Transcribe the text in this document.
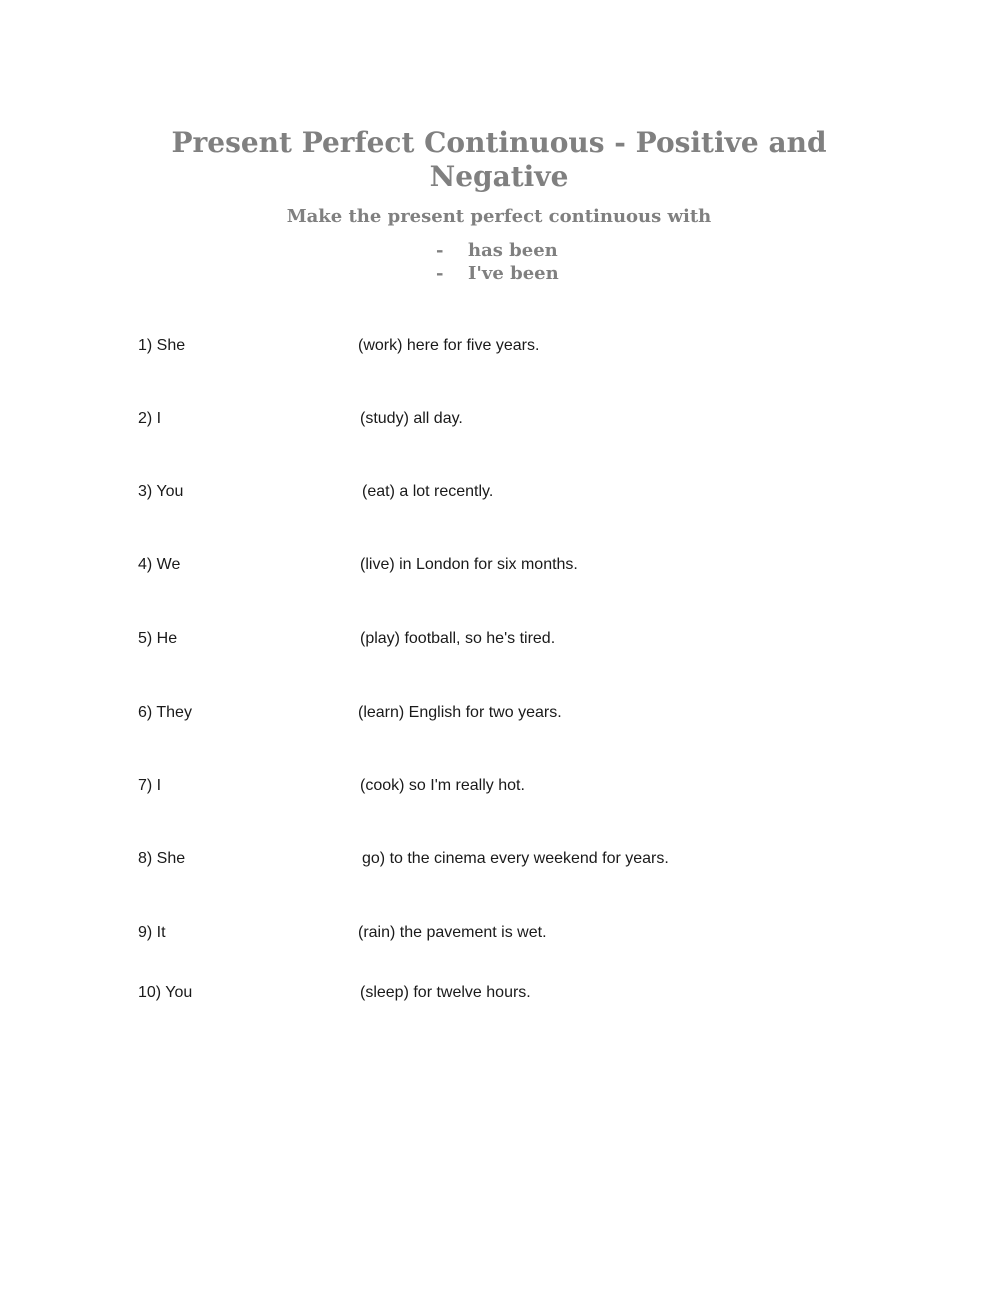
Present Perfect Continuous - Positive and Negative

Make the present perfect continuous with

-	has been
-	I've been
1) She	(work) here for five years.
2) I	(study) all day.
3) You	(eat) a lot recently.
4) We	(live) in London for six months.
5) He	(play) football, so he's tired.
6) They	(learn) English for two years.
7) I	(cook) so I'm really hot.
8) She	go) to the cinema every weekend for years.
9) It	(rain) the pavement is wet.
10) You	(sleep) for twelve hours.
